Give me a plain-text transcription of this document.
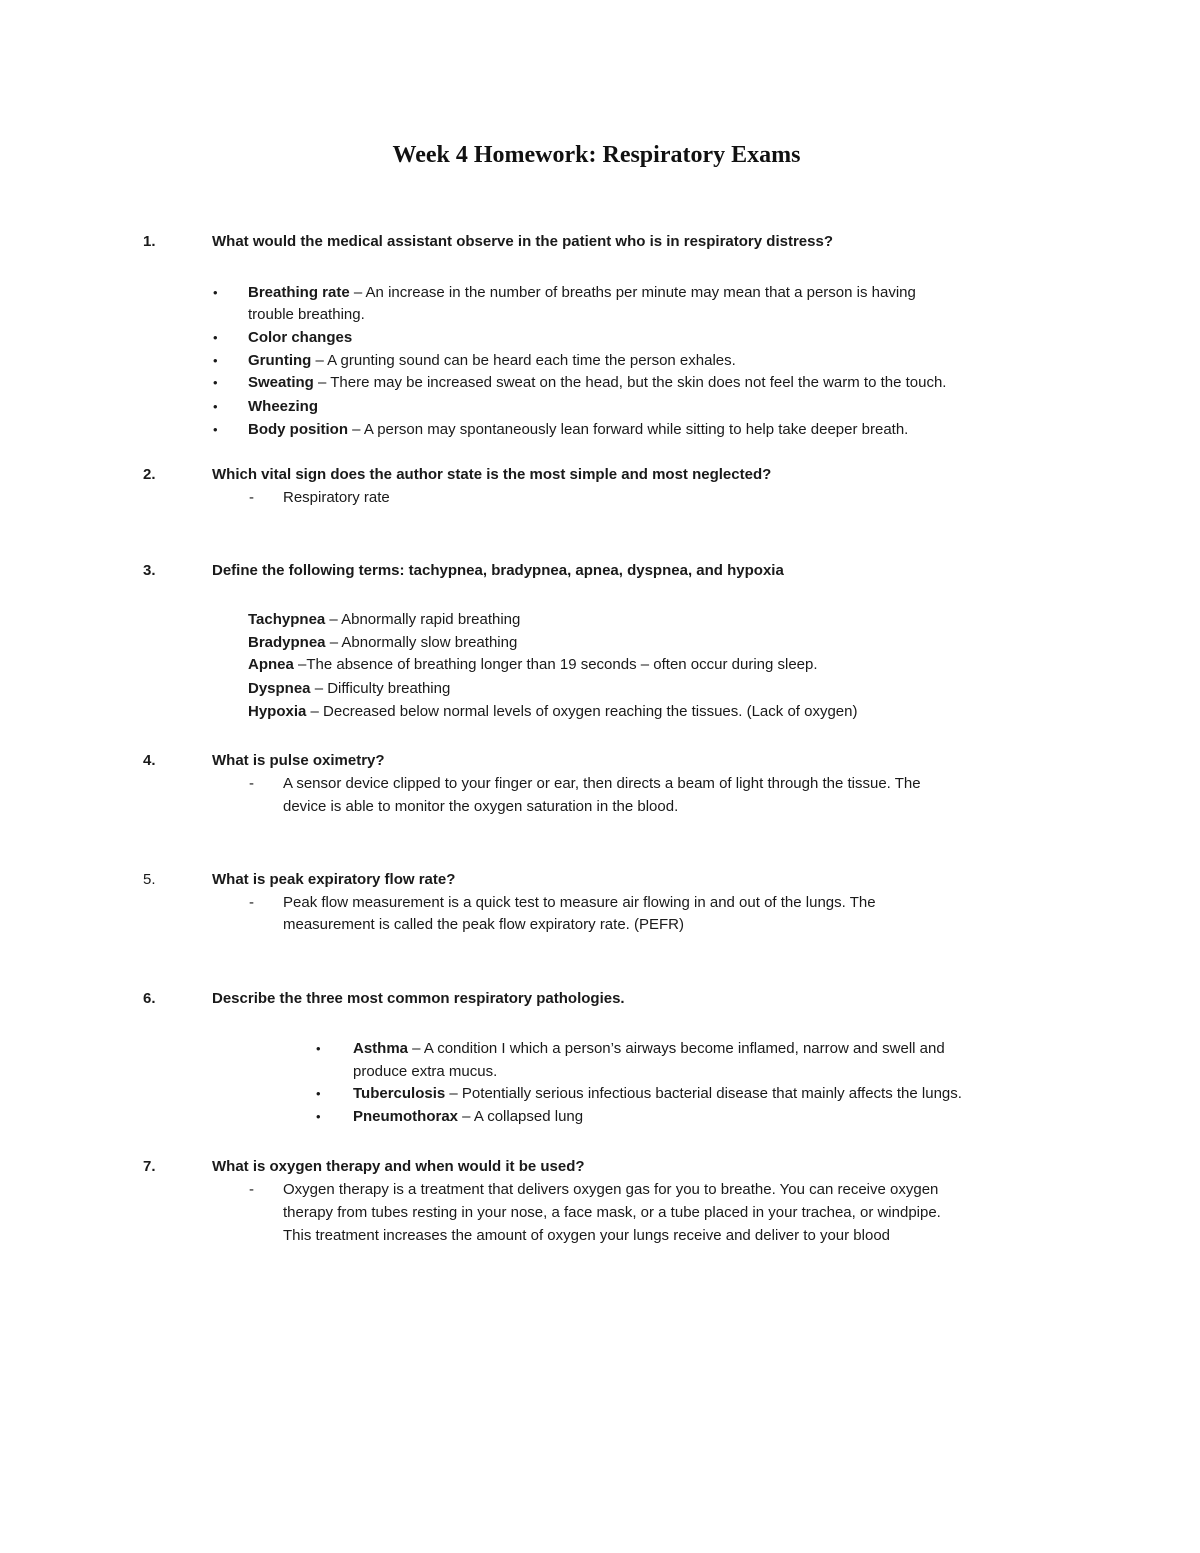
Week 4 Homework: Respiratory Exams
1.	What would the medical assistant observe in the patient who is in respiratory distress?
• Breathing rate – An increase in the number of breaths per minute may mean that a person is having
trouble breathing.
• Color changes
• Grunting – A grunting sound can be heard each time the person exhales.
• Sweating – There may be increased sweat on the head, but the skin does not feel the warm to the touch.
• Wheezing
• Body position – A person may spontaneously lean forward while sitting to help take deeper breath.
2.	Which vital sign does the author state is the most simple and most neglected?
- Respiratory rate
3.	Define the following terms: tachypnea, bradypnea, apnea, dyspnea, and hypoxia
Tachypnea – Abnormally rapid breathing
Bradypnea – Abnormally slow breathing
Apnea –The absence of breathing longer than 19 seconds – often occur during sleep.
Dyspnea – Difficulty breathing
Hypoxia – Decreased below normal levels of oxygen reaching the tissues. (Lack of oxygen)
4.	What is pulse oximetry?
- A sensor device clipped to your finger or ear, then directs a beam of light through the tissue. The
device is able to monitor the oxygen saturation in the blood.
5.	What is peak expiratory flow rate?
- Peak flow measurement is a quick test to measure air flowing in and out of the lungs. The
measurement is called the peak flow expiratory rate. (PEFR)
6.	Describe the three most common respiratory pathologies.
• Asthma – A condition I which a person’s airways become inflamed, narrow and swell and
produce extra mucus.
• Tuberculosis – Potentially serious infectious bacterial disease that mainly affects the lungs.
• Pneumothorax – A collapsed lung
7.	What is oxygen therapy and when would it be used?
- Oxygen therapy is a treatment that delivers oxygen gas for you to breathe. You can receive oxygen
therapy from tubes resting in your nose, a face mask, or a tube placed in your trachea, or windpipe.
This treatment increases the amount of oxygen your lungs receive and deliver to your blood
